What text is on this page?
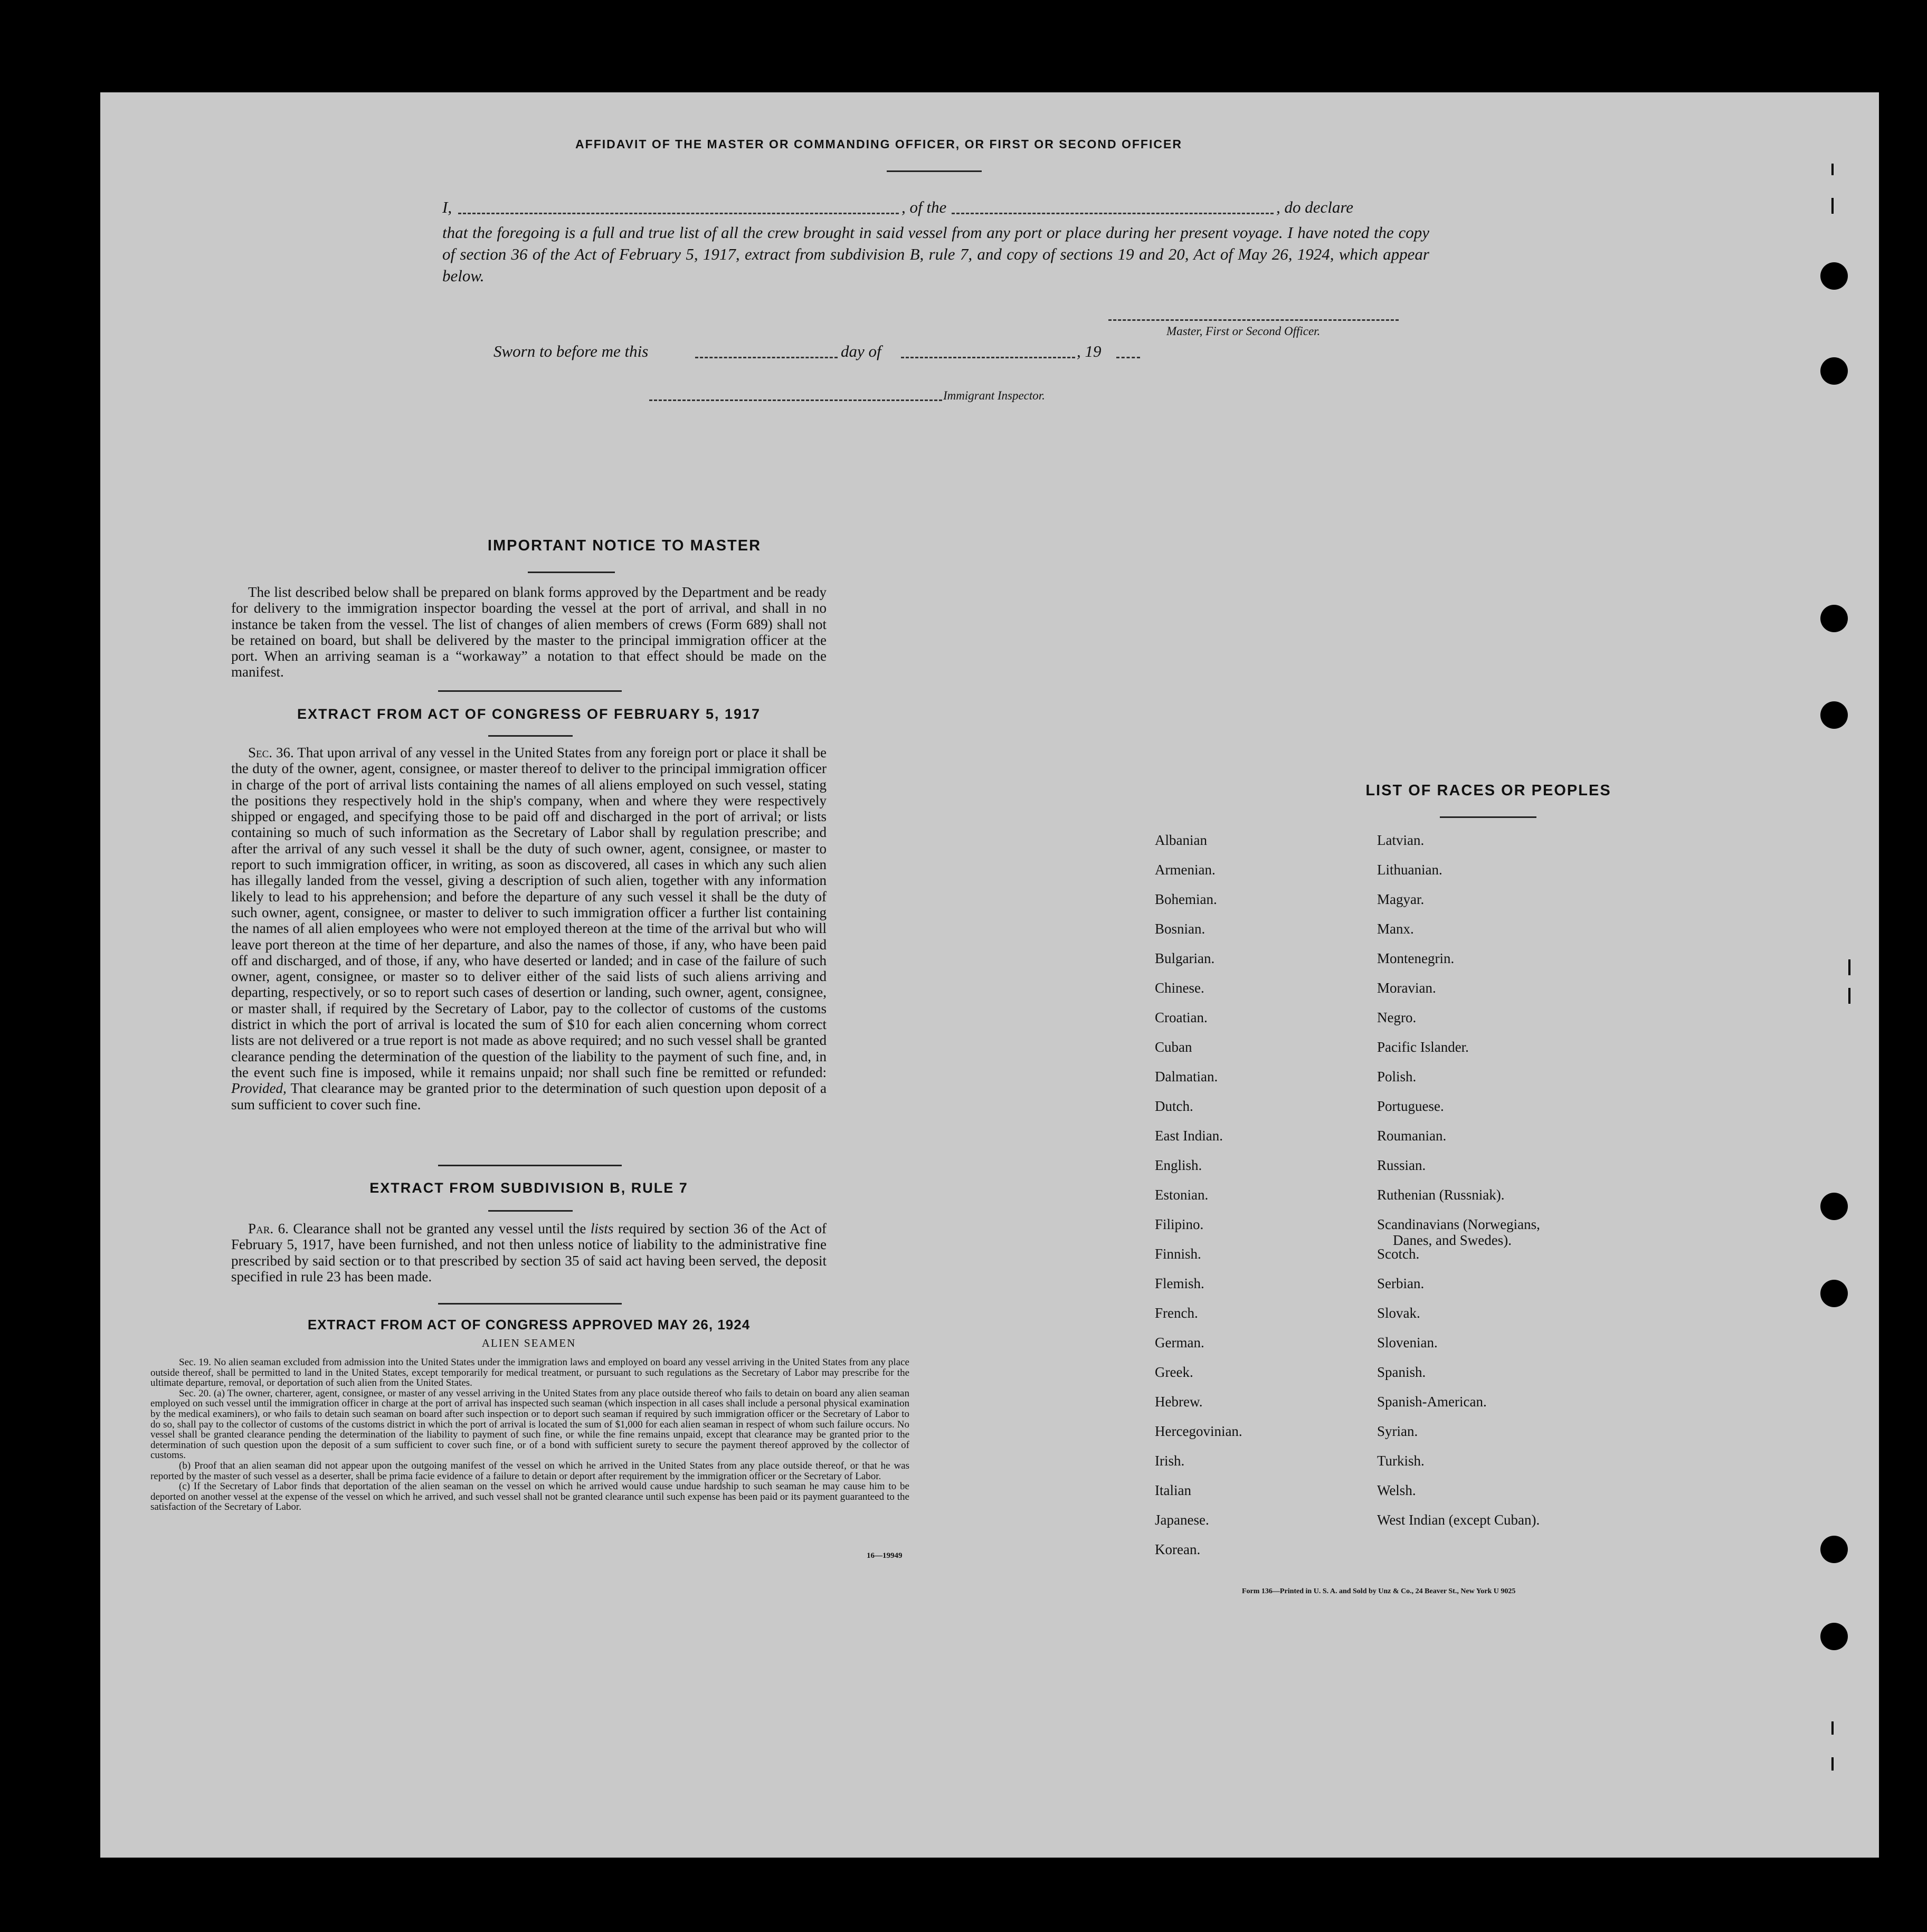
AFFIDAVIT OF THE MASTER OR COMMANDING OFFICER, OR FIRST OR SECOND OFFICER
I,	, of the	, do declare
that the foregoing is a full and true list of all the crew brought in said vessel from any port or place during her present voyage. I have noted the copy of section 36 of the Act of February 5, 1917, extract from subdivision B, rule 7, and copy of sections 19 and 20, Act of May 26, 1924, which appear below.
Master, First or Second Officer.
Sworn to before me this	day of	, 19
Immigrant Inspector.
IMPORTANT NOTICE TO MASTER
The list described below shall be prepared on blank forms approved by the Department and be ready for delivery to the immigration inspector boarding the vessel at the port of arrival, and shall in no instance be taken from the vessel. The list of changes of alien members of crews (Form 689) shall not be retained on board, but shall be delivered by the master to the principal immigration officer at the port. When an arriving seaman is a “workaway” a notation to that effect should be made on the manifest.
EXTRACT FROM ACT OF CONGRESS OF FEBRUARY 5, 1917
Sec. 36. That upon arrival of any vessel in the United States from any foreign port or place it shall be the duty of the owner, agent, consignee, or master thereof to deliver to the principal immigration officer in charge of the port of arrival lists containing the names of all aliens employed on such vessel, stating the positions they respectively hold in the ship's company, when and where they were respectively shipped or engaged, and specifying those to be paid off and discharged in the port of arrival; or lists containing so much of such information as the Secretary of Labor shall by regulation prescribe; and after the arrival of any such vessel it shall be the duty of such owner, agent, consignee, or master to report to such immigration officer, in writing, as soon as discovered, all cases in which any such alien has illegally landed from the vessel, giving a description of such alien, together with any information likely to lead to his apprehension; and before the departure of any such vessel it shall be the duty of such owner, agent, consignee, or master to deliver to such immigration officer a further list containing the names of all alien employees who were not employed thereon at the time of the arrival but who will leave port thereon at the time of her departure, and also the names of those, if any, who have been paid off and discharged, and of those, if any, who have deserted or landed; and in case of the failure of such owner, agent, consignee, or master so to deliver either of the said lists of such aliens arriving and departing, respectively, or so to report such cases of desertion or landing, such owner, agent, consignee, or master shall, if required by the Secretary of Labor, pay to the collector of customs of the customs district in which the port of arrival is located the sum of $10 for each alien concerning whom correct lists are not delivered or a true report is not made as above required; and no such vessel shall be granted clearance pending the determination of the question of the liability to the payment of such fine, and, in the event such fine is imposed, while it remains unpaid; nor shall such fine be remitted or refunded: Provided, That clearance may be granted prior to the determination of such question upon deposit of a sum sufficient to cover such fine.
EXTRACT FROM SUBDIVISION B, RULE 7
Par. 6. Clearance shall not be granted any vessel until the lists required by section 36 of the Act of February 5, 1917, have been furnished, and not then unless notice of liability to the administrative fine prescribed by said section or to that prescribed by section 35 of said act having been served, the deposit specified in rule 23 has been made.
EXTRACT FROM ACT OF CONGRESS APPROVED MAY 26, 1924
ALIEN SEAMEN

Sec. 19. No alien seaman excluded from admission into the United States under the immigration laws and employed on board any vessel arriving in the United States from any place outside thereof, shall be permitted to land in the United States, except temporarily for medical treatment, or pursuant to such regulations as the Secretary of Labor may prescribe for the ultimate departure, removal, or deportation of such alien from the United States.

Sec. 20. (a) The owner, charterer, agent, consignee, or master of any vessel arriving in the United States from any place outside thereof who fails to detain on board any alien seaman employed on such vessel until the immigration officer in charge at the port of arrival has inspected such seaman (which inspection in all cases shall include a personal physical examination by the medical examiners), or who fails to detain such seaman on board after such inspection or to deport such seaman if required by such immigration officer or the Secretary of Labor to do so, shall pay to the collector of customs of the customs district in which the port of arrival is located the sum of $1,000 for each alien seaman in respect of whom such failure occurs. No vessel shall be granted clearance pending the determination of the liability to payment of such fine, or while the fine remains unpaid, except that clearance may be granted prior to the determination of such question upon the deposit of a sum sufficient to cover such fine, or of a bond with sufficient surety to secure the payment thereof approved by the collector of customs.

(b) Proof that an alien seaman did not appear upon the outgoing manifest of the vessel on which he arrived in the United States from any place outside thereof, or that he was reported by the master of such vessel as a deserter, shall be prima facie evidence of a failure to detain or deport after requirement by the immigration officer or the Secretary of Labor.

(c) If the Secretary of Labor finds that deportation of the alien seaman on the vessel on which he arrived would cause undue hardship to such seaman he may cause him to be deported on another vessel at the expense of the vessel on which he arrived, and such vessel shall not be granted clearance until such expense has been paid or its payment guaranteed to the satisfaction of the Secretary of Labor.

16—19949
LIST OF RACES OR PEOPLES
Form 136—Printed in U. S. A. and Sold by Unz & Co., 24 Beaver St., New York U 9025
Albanian
Armenian.
Bohemian.
Bosnian.
Bulgarian.
Chinese.
Croatian.
Cuban
Dalmatian.
Dutch.
East Indian.
English.
Estonian.
Filipino.
Finnish.
Flemish.
French.
German.
Greek.
Hebrew.
Hercegovinian.
Irish.
Italian
Japanese.
Korean.
Latvian.
Lithuanian.
Magyar.
Manx.
Montenegrin.
Moravian.
Negro.
Pacific Islander.
Polish.
Portuguese.
Roumanian.
Russian.
Ruthenian (Russniak).
Scandinavians (Norwegians,
Danes, and Swedes).
Scotch.
Serbian.
Slovak.
Slovenian.
Spanish.
Spanish-American.
Syrian.
Turkish.
Welsh.
West Indian (except Cuban).
